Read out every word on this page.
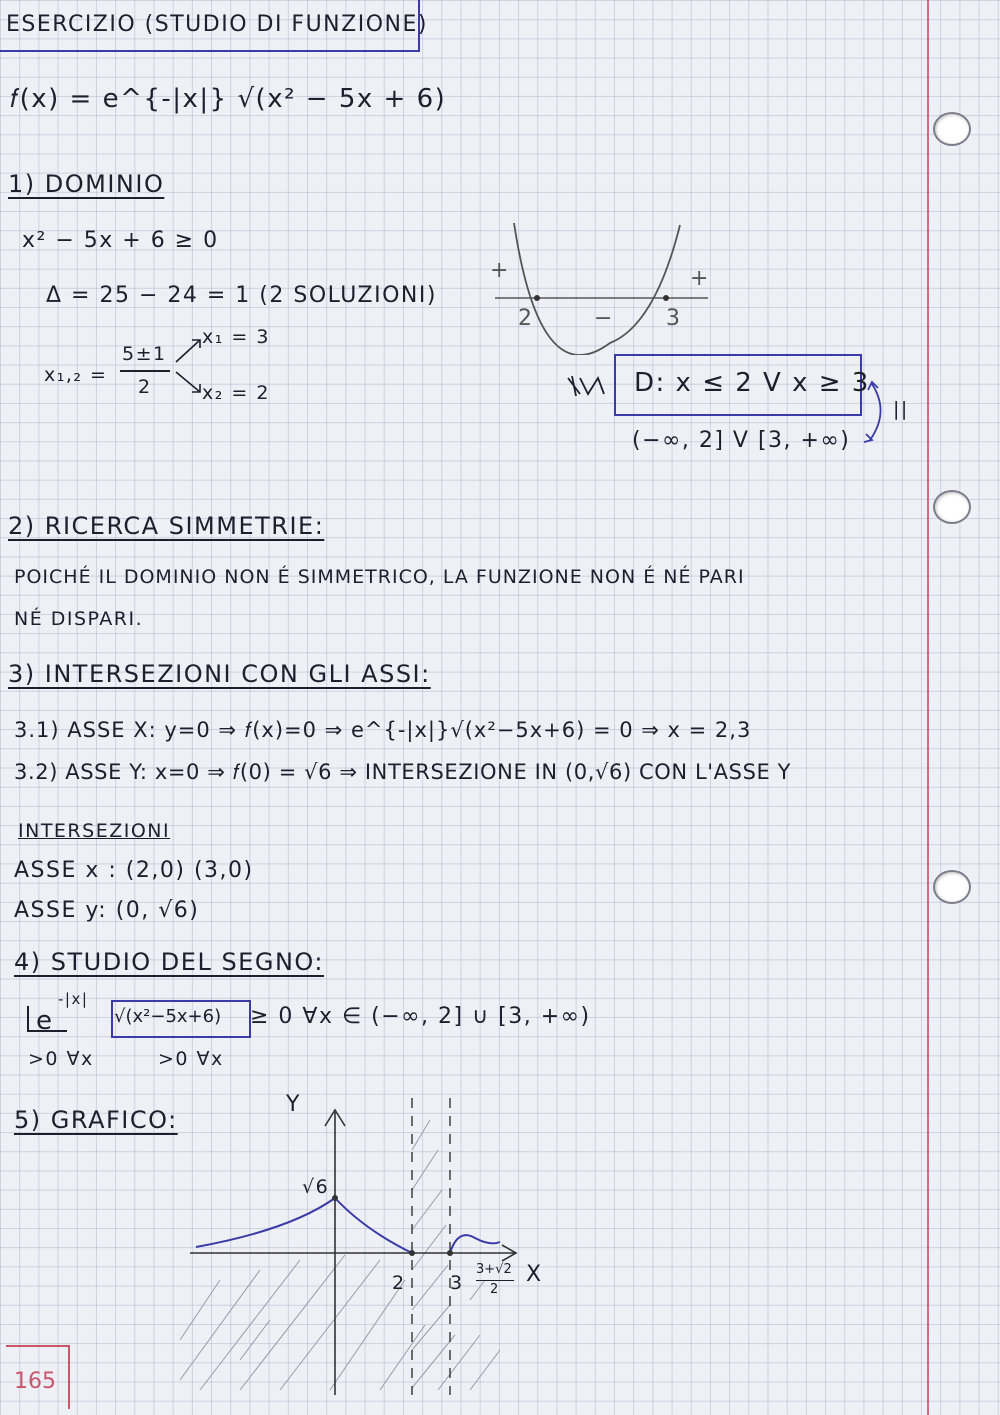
ESERCIZIO (STUDIO DI FUNZIONE)
𝑓(x) = e^{-|x|} √(x² − 5x + 6)
1) DOMINIO
x² − 5x + 6 ≥ 0
Δ = 25 − 24 = 1 (2 SOLUZIONI)
x₁,₂ =
5±1
2
x₁ = 3
x₂ = 2
+	+
−
2	3
D: x ≤ 2 V x ≥ 3
(−∞, 2] V [3, +∞)
||
2) RICERCA SIMMETRIE:
POICHÉ IL DOMINIO NON É SIMMETRICO, LA FUNZIONE NON É NÉ PARI
NÉ DISPARI.
3) INTERSEZIONI CON GLI ASSI:
3.1) ASSE X: y=0 ⇒ 𝑓(x)=0 ⇒ e^{-|x|}√(x²−5x+6) = 0 ⇒ x = 2,3
3.2) ASSE Y: x=0 ⇒ 𝑓(0) = √6 ⇒ INTERSEZIONE IN (0,√6) CON L'ASSE Y
INTERSEZIONI
ASSE x : (2,0) (3,0)
ASSE y: (0, √6)
4) STUDIO DEL SEGNO:
e
-|x|
√(x²−5x+6) ≥ 0 ∀x ∈ (−∞, 2] ∪ [3, +∞)
>0 ∀x	>0 ∀x
5) GRAFICO:
Y
X
√6
2 3
3+√2
2
165
